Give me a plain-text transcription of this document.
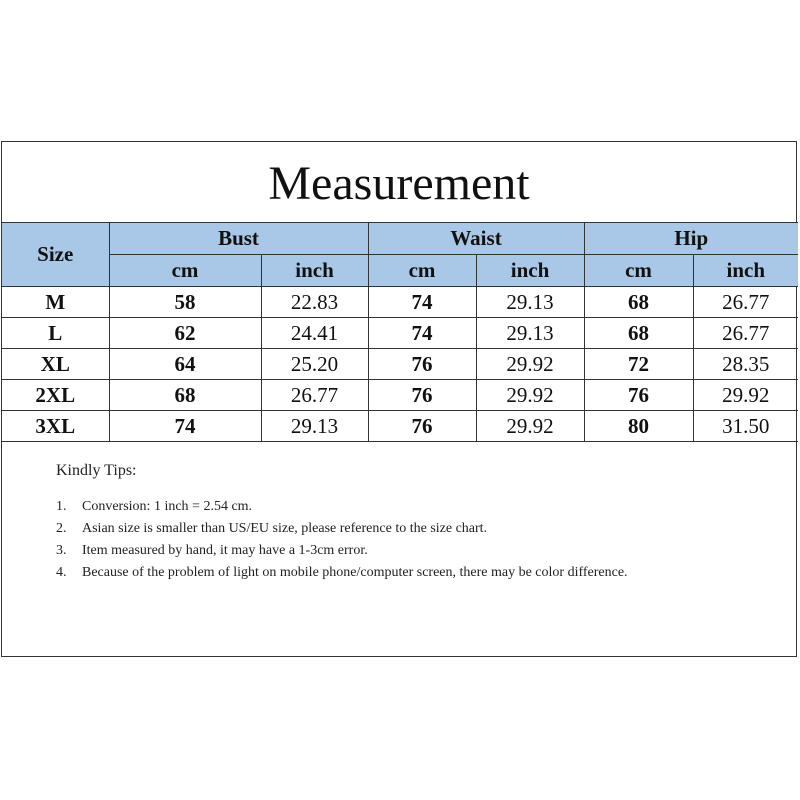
Measurement
Size	Bust		Waist		Hip	
	cm	inch	cm	inch	cm	inch
M	58	22.83	74	29.13	68	26.77
L	62	24.41	74	29.13	68	26.77
XL	64	25.20	76	29.92	72	28.35
2XL	68	26.77	76	29.92	76	29.92
3XL	74	29.13	76	29.92	80	31.50

Kindly Tips:

1.	Conversion: 1 inch = 2.54 cm.
2.	Asian size is smaller than US/EU size, please reference to the size chart.
3.	Item measured by hand, it may have a 1-3cm error.
4.	Because of the problem of light on mobile phone/computer screen, there may be color difference.
